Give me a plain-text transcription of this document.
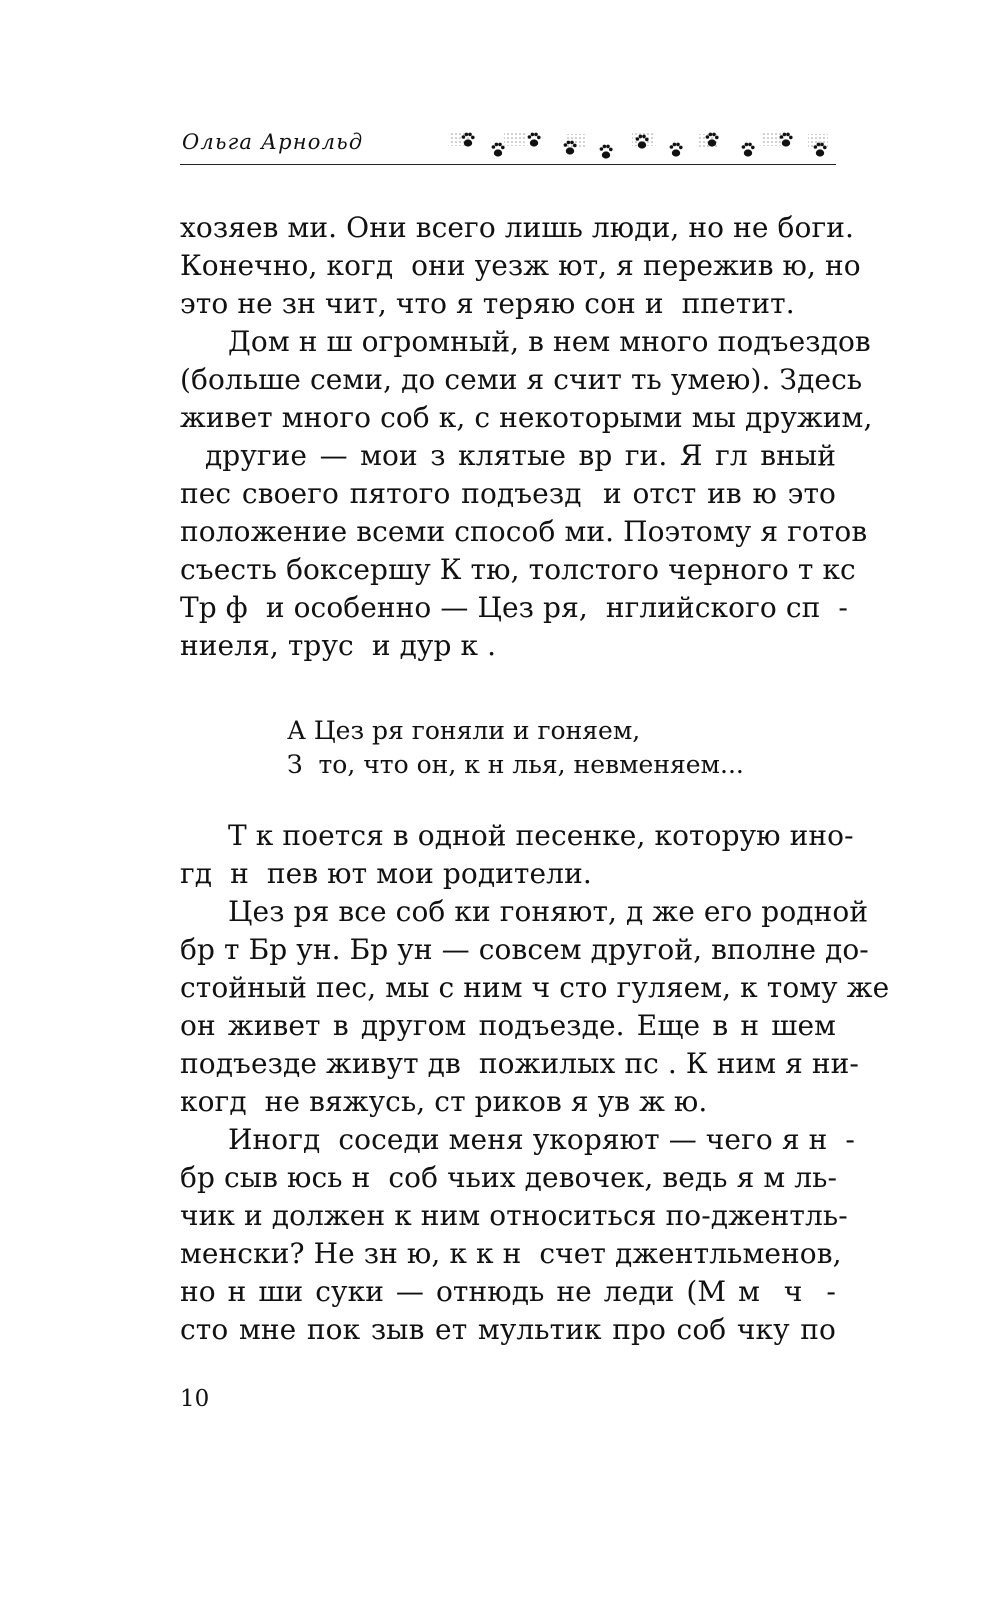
Ольга Арнольд
хозяев ми. Они всего лишь люди, но не боги.
Конечно, когд  они уезж ют, я пережив ю, но
это не зн чит, что я теряю сон и  ппетит.
Дом н ш огромный, в нем много подъездов
(больше семи, до семи я счит ть умею). Здесь
живет много соб к, с некоторыми мы дружим,
другие — мои з клятые вр ги. Я гл вный
пес своего пятого подъезд  и отст ив ю это
положение всеми способ ми. Поэтому я готов
съесть боксершу К тю, толстого черного т кс
Тр ф  и особенно — Цез ря,  нглийского сп  -
ниеля, трус  и дур к .
А Цез ря гоняли и гоняем,
З  то, что он, к н лья, невменяем...
Т к поется в одной песенке, которую ино-
гд  н  пев ют мои родители.
Цез ря все соб ки гоняют, д же его родной
бр т Бр ун. Бр ун — совсем другой, вполне до-
стойный пес, мы с ним ч сто гуляем, к тому же
он живет в другом подъезде. Еще в н шем
подъезде живут дв  пожилых пс . К ним я ни-
когд  не вяжусь, ст риков я ув ж ю.
Иногд  соседи меня укоряют — чего я н  -
бр сыв юсь н  соб чьих девочек, ведь я м ль-
чик и должен к ним относиться по-джентль-
менски? Не зн ю, к к н  счет джентльменов,
но н ши суки — отнюдь не леди (М м  ч  -
сто мне пок зыв ет мультик про соб чку по
10
